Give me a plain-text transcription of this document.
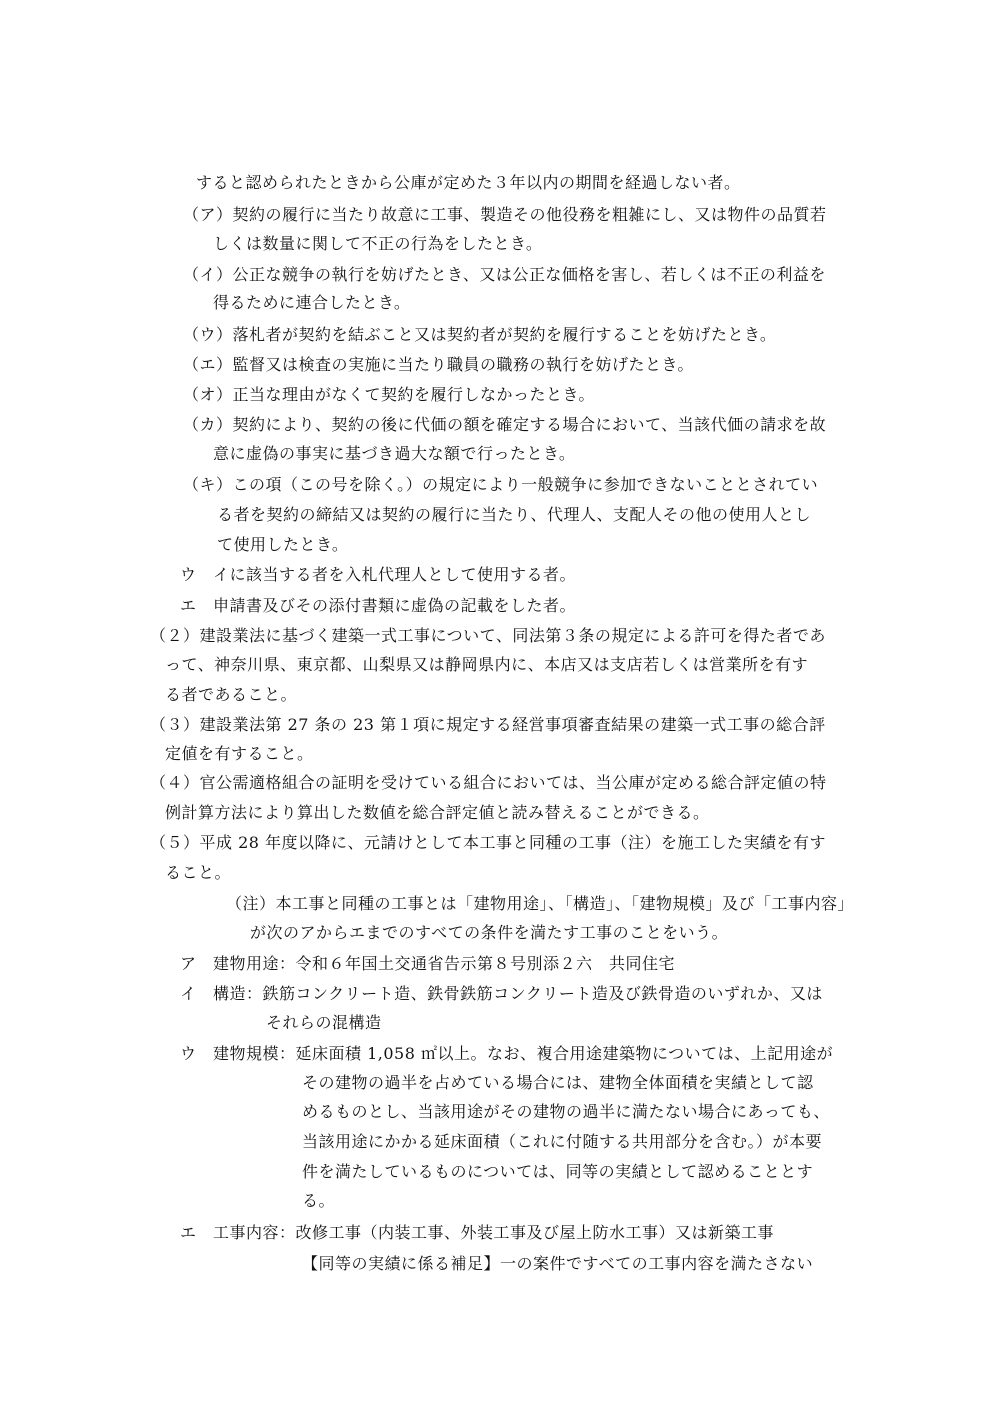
すると認められたときから公庫が定めた３年以内の期間を経過しない者。
（ア）契約の履行に当たり故意に工事、製造その他役務を粗雑にし、又は物件の品質若
しくは数量に関して不正の行為をしたとき。
（イ）公正な競争の執行を妨げたとき、又は公正な価格を害し、若しくは不正の利益を
得るために連合したとき。
（ウ）落札者が契約を結ぶこと又は契約者が契約を履行することを妨げたとき。
（エ）監督又は検査の実施に当たり職員の職務の執行を妨げたとき。
（オ）正当な理由がなくて契約を履行しなかったとき。
（カ）契約により、契約の後に代価の額を確定する場合において、当該代価の請求を故
意に虚偽の事実に基づき過大な額で行ったとき。
（キ）この項（この号を除く。）の規定により一般競争に参加できないこととされてい
る者を契約の締結又は契約の履行に当たり、代理人、支配人その他の使用人とし
て使用したとき。
ウ　イに該当する者を入札代理人として使用する者。
エ　申請書及びその添付書類に虚偽の記載をした者。
（２）建設業法に基づく建築一式工事について、同法第３条の規定による許可を得た者であ
って、神奈川県、東京都、山梨県又は静岡県内に、本店又は支店若しくは営業所を有す
る者であること。
（３）建設業法第 27 条の 23 第１項に規定する経営事項審査結果の建築一式工事の総合評
定値を有すること。
（４）官公需適格組合の証明を受けている組合においては、当公庫が定める総合評定値の特
例計算方法により算出した数値を総合評定値と読み替えることができる。
（５）平成 28 年度以降に、元請けとして本工事と同種の工事（注）を施工した実績を有す
ること。
（注）本工事と同種の工事とは「建物用途」、「構造」、「建物規模」及び「工事内容」
が次のアからエまでのすべての条件を満たす工事のことをいう。
ア　建物用途：令和６年国土交通省告示第８号別添２六　共同住宅
イ　構造：鉄筋コンクリート造、鉄骨鉄筋コンクリート造及び鉄骨造のいずれか、又は
それらの混構造
ウ　建物規模：延床面積 1,058 ㎡以上。なお、複合用途建築物については、上記用途が
その建物の過半を占めている場合には、建物全体面積を実績として認
めるものとし、当該用途がその建物の過半に満たない場合にあっても、
当該用途にかかる延床面積（これに付随する共用部分を含む。）が本要
件を満たしているものについては、同等の実績として認めることとす
る。
エ　工事内容：改修工事（内装工事、外装工事及び屋上防水工事）又は新築工事
【同等の実績に係る補足】一の案件ですべての工事内容を満たさない
